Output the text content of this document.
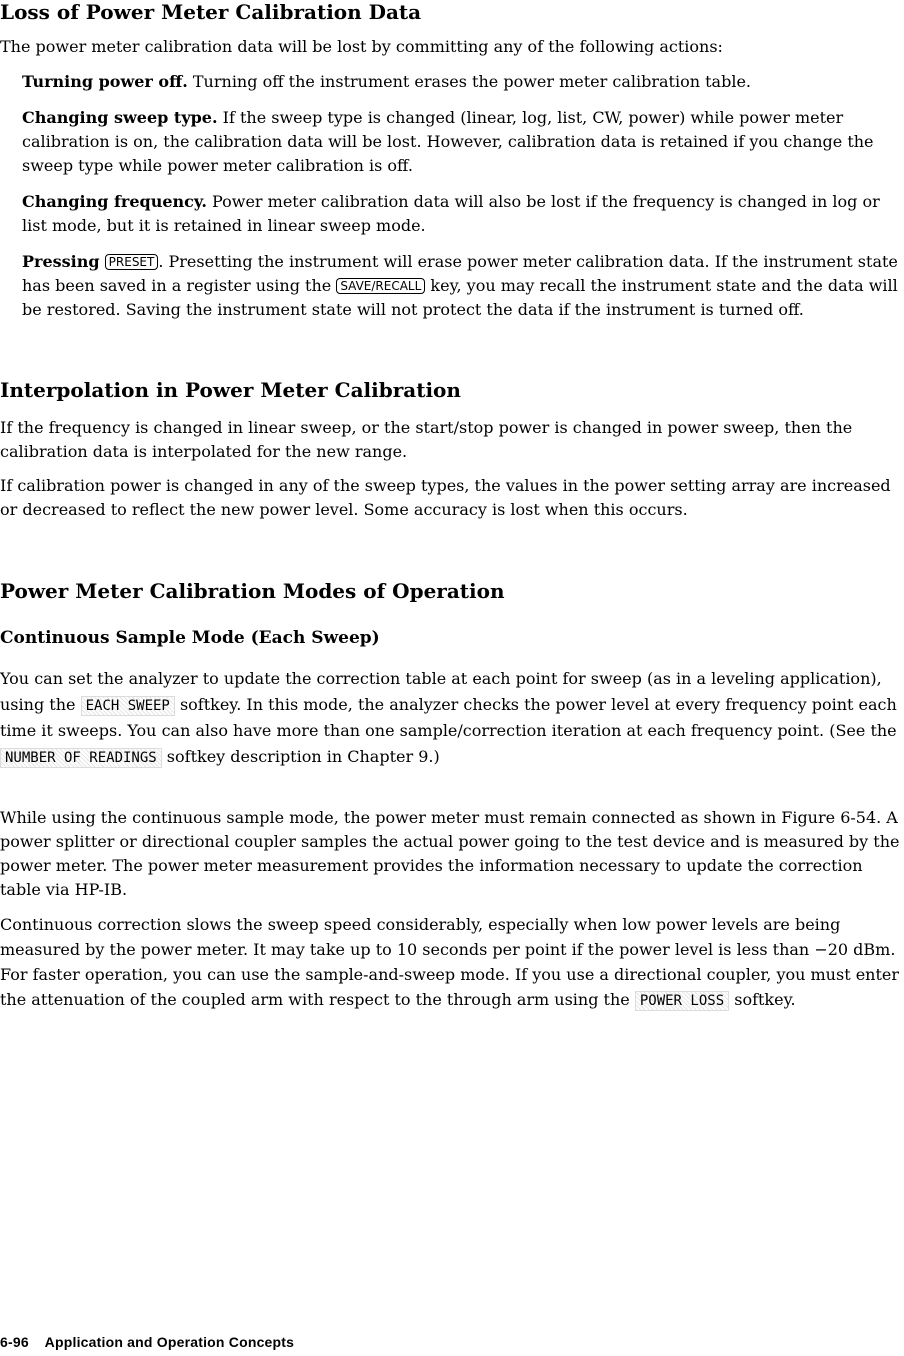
Loss of Power Meter Calibration Data
The power meter calibration data will be lost by committing any of the following actions:
Turning power off. Turning off the instrument erases the power meter calibration table.
Changing sweep type. If the sweep type is changed (linear, log, list, CW, power) while power meter calibration is on, the calibration data will be lost. However, calibration data is retained if you change the sweep type while power meter calibration is off.
Changing frequency. Power meter calibration data will also be lost if the frequency is changed in log or list mode, but it is retained in linear sweep mode.
Pressing PRESET . Presetting the instrument will erase power meter calibration data. If the instrument state has been saved in a register using the SAVE/RECALL key, you may recall the instrument state and the data will be restored. Saving the instrument state will not protect the data if the instrument is turned off.
Interpolation in Power Meter Calibration
If the frequency is changed in linear sweep, or the start/stop power is changed in power sweep, then the calibration data is interpolated for the new range.
If calibration power is changed in any of the sweep types, the values in the power setting array are increased or decreased to reflect the new power level. Some accuracy is lost when this occurs.
Power Meter Calibration Modes of Operation
Continuous Sample Mode (Each Sweep)
You can set the analyzer to update the correction table at each point for sweep (as in a leveling application), using the EACH SWEEP softkey. In this mode, the analyzer checks the power level at every frequency point each time it sweeps. You can also have more than one sample/correction iteration at each frequency point. (See the NUMBER OF READINGS softkey description in Chapter 9.)
While using the continuous sample mode, the power meter must remain connected as shown in Figure 6-54. A power splitter or directional coupler samples the actual power going to the test device and is measured by the power meter. The power meter measurement provides the information necessary to update the correction table via HP-IB.
Continuous correction slows the sweep speed considerably, especially when low power levels are being measured by the power meter. It may take up to 10 seconds per point if the power level is less than −20 dBm. For faster operation, you can use the sample-and-sweep mode. If you use a directional coupler, you must enter the attenuation of the coupled arm with respect to the through arm using the POWER LOSS softkey.
6-96    Application and Operation Concepts
